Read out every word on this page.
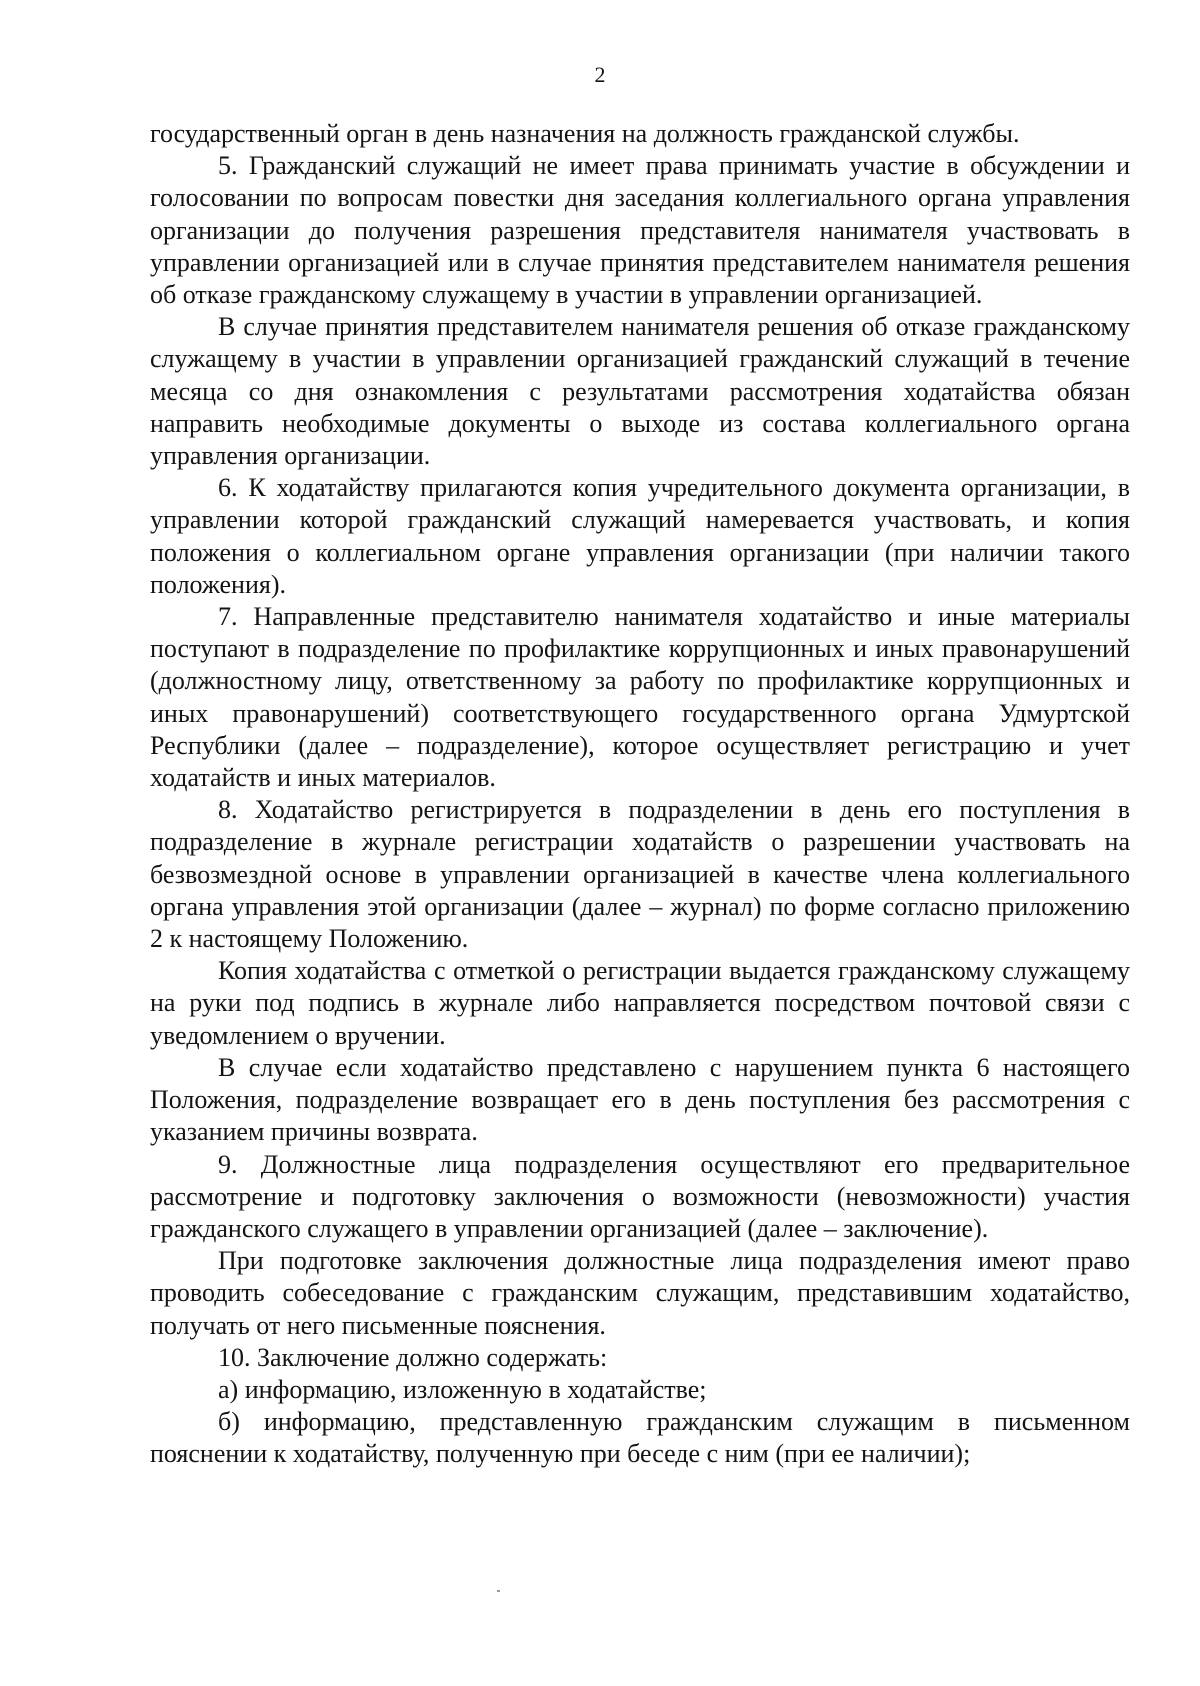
2

государственный орган в день назначения на должность гражданской службы.

5. Гражданский служащий не имеет права принимать участие в обсуждении и голосовании по вопросам повестки дня заседания коллегиального органа управления организации до получения разрешения представителя нанимателя участвовать в управлении организацией или в случае принятия представителем нанимателя решения об отказе гражданскому служащему в участии в управлении организацией.

В случае принятия представителем нанимателя решения об отказе гражданскому служащему в участии в управлении организацией гражданский служащий в течение месяца со дня ознакомления с результатами рассмотрения ходатайства обязан направить необходимые документы о выходе из состава коллегиального органа управления организации.

6. К ходатайству прилагаются копия учредительного документа организации, в управлении которой гражданский служащий намеревается участвовать, и копия положения о коллегиальном органе управления организации (при наличии такого положения).

7. Направленные представителю нанимателя ходатайство и иные материалы поступают в подразделение по профилактике коррупционных и иных правонарушений (должностному лицу, ответственному за работу по профилактике коррупционных и иных правонарушений) соответствующего государственного органа Удмуртской Республики (далее – подразделение), которое осуществляет регистрацию и учет ходатайств и иных материалов.

8. Ходатайство регистрируется в подразделении в день его поступления в подразделение в журнале регистрации ходатайств о разрешении участвовать на безвозмездной основе в управлении организацией в качестве члена коллегиального органа управления этой организации (далее – журнал) по форме согласно приложению 2 к настоящему Положению.

Копия ходатайства с отметкой о регистрации выдается гражданскому служащему на руки под подпись в журнале либо направляется посредством почтовой связи с уведомлением о вручении.

В случае если ходатайство представлено с нарушением пункта 6 настоящего Положения, подразделение возвращает его в день поступления без рассмотрения с указанием причины возврата.

9. Должностные лица подразделения осуществляют его предварительное рассмотрение и подготовку заключения о возможности (невозможности) участия гражданского служащего в управлении организацией (далее – заключение).

При подготовке заключения должностные лица подразделения имеют право проводить собеседование с гражданским служащим, представившим ходатайство, получать от него письменные пояснения.

10. Заключение должно содержать:

а) информацию, изложенную в ходатайстве;

б) информацию, представленную гражданским служащим в письменном пояснении к ходатайству, полученную при беседе с ним (при ее наличии);
